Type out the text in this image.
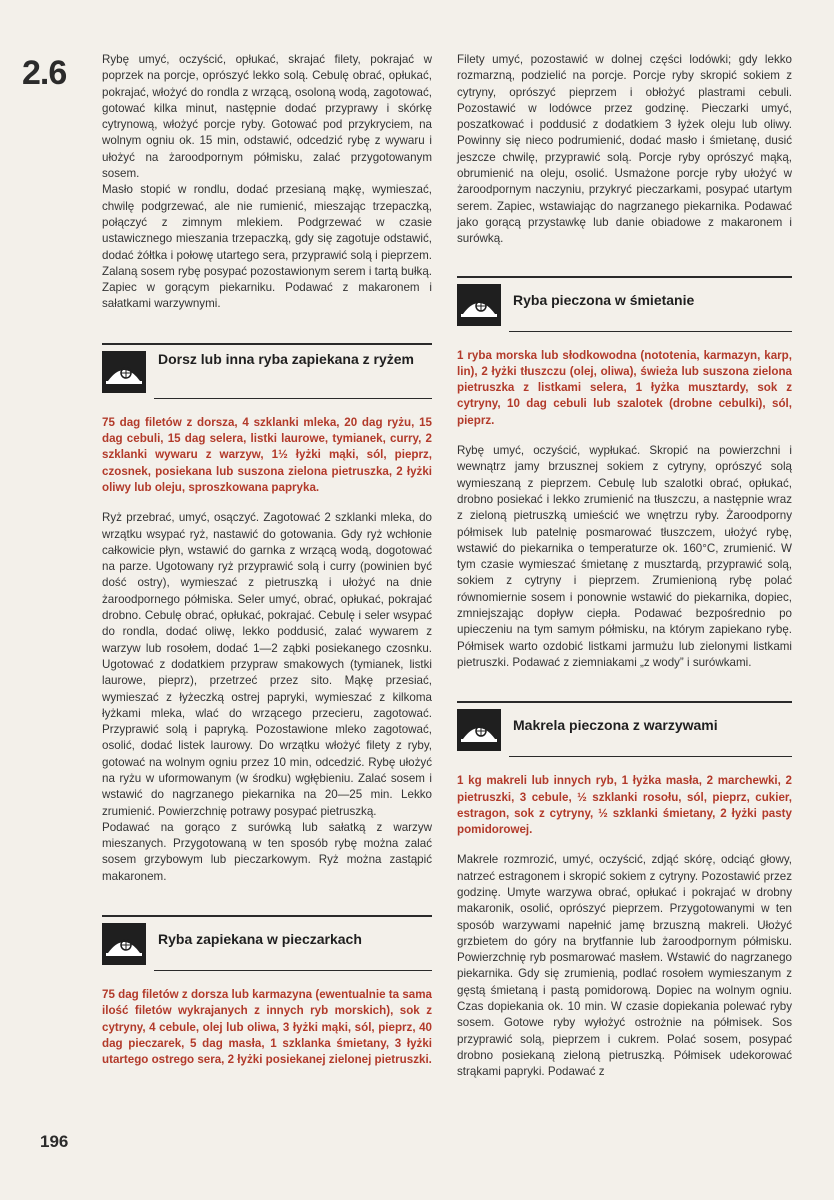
2.6
196

Rybę umyć, oczyścić, opłukać, skrajać filety, pokrajać w poprzek na porcje, oprószyć lekko solą. Cebulę obrać, opłukać, pokrajać, włożyć do rondla z wrzącą, osoloną wodą, zagotować, gotować kilka minut, następnie dodać przyprawy i skórkę cytrynową, włożyć porcje ryby. Gotować pod przykryciem, na wolnym ogniu ok. 15 min, odstawić, odcedzić rybę z wywaru i ułożyć na żaroodpornym półmisku, zalać przygotowanym sosem.

Masło stopić w rondlu, dodać przesianą mąkę, wymieszać, chwilę podgrzewać, ale nie rumienić, mieszając trzepaczką, połączyć z zimnym mlekiem. Podgrzewać w czasie ustawicznego mieszania trzepaczką, gdy się zagotuje odstawić, dodać żółtka i połowę utartego sera, przyprawić solą i pieprzem. Zalaną sosem rybę posypać pozostawionym serem i tartą bułką. Zapiec w gorącym piekarniku. Podawać z makaronem i sałatkami warzywnymi.

Dorsz lub inna ryba zapiekana z ryżem

75 dag filetów z dorsza, 4 szklanki mleka, 20 dag ryżu, 15 dag cebuli, 15 dag selera, listki laurowe, tymianek, curry, 2 szklanki wywaru z warzyw, 1½ łyżki mąki, sól, pieprz, czosnek, posiekana lub suszona zielona pietruszka, 2 łyżki oliwy lub oleju, sproszkowana papryka.

Ryż przebrać, umyć, osączyć. Zagotować 2 szklanki mleka, do wrzątku wsypać ryż, nastawić do gotowania. Gdy ryż wchłonie całkowicie płyn, wstawić do garnka z wrzącą wodą, dogotować na parze. Ugotowany ryż przyprawić solą i curry (powinien być dość ostry), wymieszać z pietruszką i ułożyć na dnie żaroodpornego półmiska. Seler umyć, obrać, opłukać, pokrajać drobno. Cebulę obrać, opłukać, pokrajać. Cebulę i seler wsypać do rondla, dodać oliwę, lekko poddusić, zalać wywarem z warzyw lub rosołem, dodać 1—2 ząbki posiekanego czosnku. Ugotować z dodatkiem przypraw smakowych (tymianek, listki laurowe, pieprz), przetrzeć przez sito. Mąkę przesiać, wymieszać z łyżeczką ostrej papryki, wymieszać z kilkoma łyżkami mleka, wlać do wrzącego przecieru, zagotować. Przyprawić solą i papryką. Pozostawione mleko zagotować, osolić, dodać listek laurowy. Do wrzątku włożyć filety z ryby, gotować na wolnym ogniu przez 10 min, odcedzić. Rybę ułożyć na ryżu w uformowanym (w środku) wgłębieniu. Zalać sosem i wstawić do nagrzanego piekarnika na 20—25 min. Lekko zrumienić. Powierzchnię potrawy posypać pietruszką.

Podawać na gorąco z surówką lub sałatką z warzyw mieszanych. Przygotowaną w ten sposób rybę można zalać sosem grzybowym lub pieczarkowym. Ryż można zastąpić makaronem.

Ryba zapiekana w pieczarkach

75 dag filetów z dorsza lub karmazyna (ewentualnie ta sama ilość filetów wykrajanych z innych ryb morskich), sok z cytryny, 4 cebule, olej lub oliwa, 3 łyżki mąki, sól, pieprz, 40 dag pieczarek, 5 dag masła, 1 szklanka śmietany, 3 łyżki utartego ostrego sera, 2 łyżki posiekanej zielonej pietruszki.

Filety umyć, pozostawić w dolnej części lodówki; gdy lekko rozmarzną, podzielić na porcje. Porcje ryby skropić sokiem z cytryny, oprószyć pieprzem i obłożyć plastrami cebuli. Pozostawić w lodówce przez godzinę. Pieczarki umyć, poszatkować i poddusić z dodatkiem 3 łyżek oleju lub oliwy. Powinny się nieco podrumienić, dodać masło i śmietanę, dusić jeszcze chwilę, przyprawić solą. Porcje ryby oprószyć mąką, obrumienić na oleju, osolić. Usmażone porcje ryby ułożyć w żaroodpornym naczyniu, przykryć pieczarkami, posypać utartym serem. Zapiec, wstawiając do nagrzanego piekarnika. Podawać jako gorącą przystawkę lub danie obiadowe z makaronem i surówką.

Ryba pieczona w śmietanie

1 ryba morska lub słodkowodna (nototenia, karmazyn, karp, lin), 2 łyżki tłuszczu (olej, oliwa), świeża lub suszona zielona pietruszka z listkami selera, 1 łyżka musztardy, sok z cytryny, 10 dag cebuli lub szalotek (drobne cebulki), sól, pieprz.

Rybę umyć, oczyścić, wypłukać. Skropić na powierzchni i wewnątrz jamy brzusznej sokiem z cytryny, oprószyć solą wymieszaną z pieprzem. Cebulę lub szalotki obrać, opłukać, drobno posiekać i lekko zrumienić na tłuszczu, a następnie wraz z zieloną pietruszką umieścić we wnętrzu ryby. Żaroodporny półmisek lub patelnię posmarować tłuszczem, ułożyć rybę, wstawić do piekarnika o temperaturze ok. 160°C, zrumienić. W tym czasie wymieszać śmietanę z musztardą, przyprawić solą, sokiem z cytryny i pieprzem. Zrumienioną rybę polać równomiernie sosem i ponownie wstawić do piekarnika, dopiec, zmniejszając dopływ ciepła. Podawać bezpośrednio po upieczeniu na tym samym półmisku, na którym zapiekano rybę. Półmisek warto ozdobić listkami jarmużu lub zielonymi listkami pietruszki. Podawać z ziemniakami „z wody” i surówkami.

Makrela pieczona z warzywami

1 kg makreli lub innych ryb, 1 łyżka masła, 2 marchewki, 2 pietruszki, 3 cebule, ½ szklanki rosołu, sól, pieprz, cukier, estragon, sok z cytryny, ½ szklanki śmietany, 2 łyżki pasty pomidorowej.

Makrele rozmrozić, umyć, oczyścić, zdjąć skórę, odciąć głowy, natrzeć estragonem i skropić sokiem z cytryny. Pozostawić przez godzinę. Umyte warzywa obrać, opłukać i pokrajać w drobny makaronik, osolić, oprószyć pieprzem. Przygotowanymi w ten sposób warzywami napełnić jamę brzuszną makreli. Ułożyć grzbietem do góry na brytfannie lub żaroodpornym półmisku. Powierzchnię ryb posmarować masłem. Wstawić do nagrzanego piekarnika. Gdy się zrumienią, podlać rosołem wymieszanym z gęstą śmietaną i pastą pomidorową. Dopiec na wolnym ogniu. Czas dopiekania ok. 10 min. W czasie dopiekania polewać ryby sosem. Gotowe ryby wyłożyć ostrożnie na półmisek. Sos przyprawić solą, pieprzem i cukrem. Polać sosem, posypać drobno posiekaną zieloną pietruszką. Półmisek udekorować strąkami papryki. Podawać z
